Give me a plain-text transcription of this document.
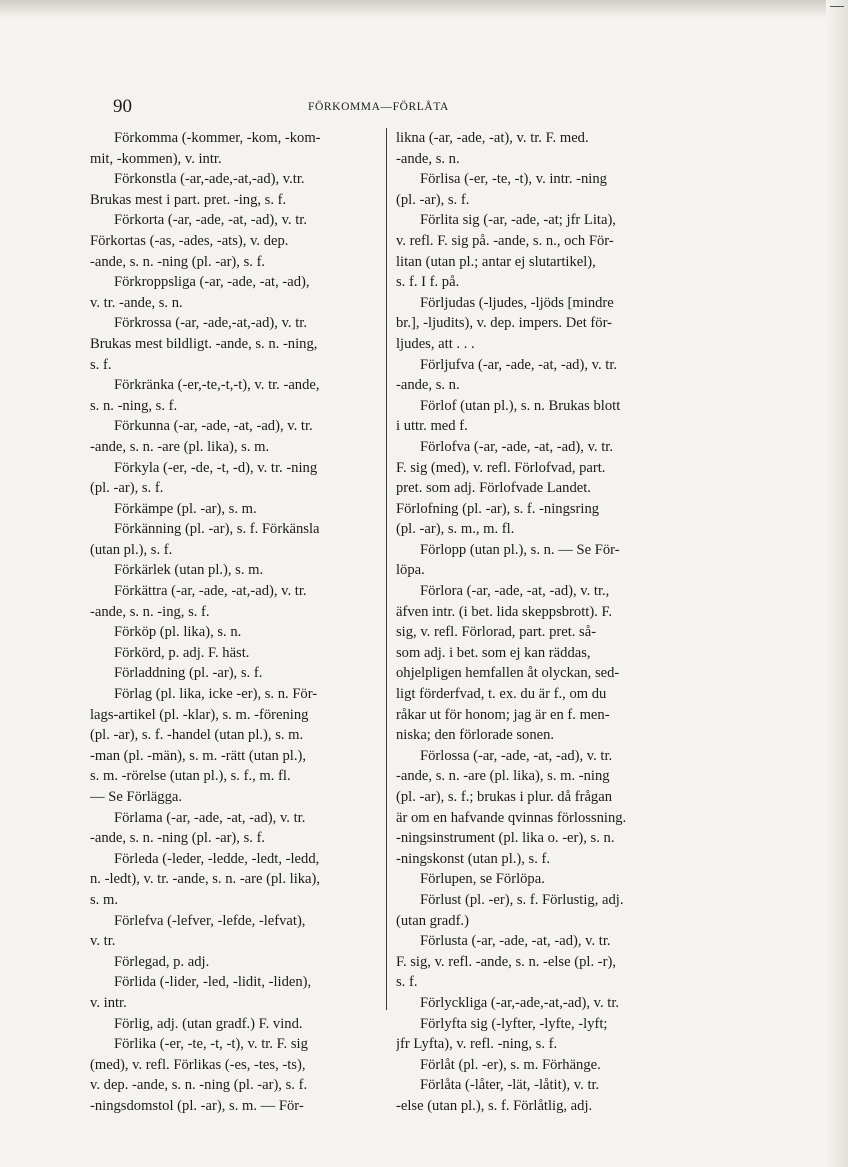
90	FÖRKOMMA—FÖRLÅTA
Förkomma (-kommer, -kom, -kom-
mit, -kommen), v. intr.
Förkonstla (-ar,-ade,-at,-ad), v.tr.
Brukas mest i part. pret. -ing, s. f.
Förkorta (-ar, -ade, -at, -ad), v. tr.
Förkortas (-as, -ades, -ats), v. dep.
-ande, s. n. -ning (pl. -ar), s. f.
Förkroppsliga (-ar, -ade, -at, -ad),
v. tr. -ande, s. n.
Förkrossa (-ar, -ade,-at,-ad), v. tr.
Brukas mest bildligt. -ande, s. n. -ning,
s. f.
Förkränka (-er,-te,-t,-t), v. tr. -ande,
s. n. -ning, s. f.
Förkunna (-ar, -ade, -at, -ad), v. tr.
-ande, s. n. -are (pl. lika), s. m.
Förkyla (-er, -de, -t, -d), v. tr. -ning
(pl. -ar), s. f.
Förkämpe (pl. -ar), s. m.
Förkänning (pl. -ar), s. f. Förkänsla
(utan pl.), s. f.
Förkärlek (utan pl.), s. m.
Förkättra (-ar, -ade, -at,-ad), v. tr.
-ande, s. n. -ing, s. f.
Förköp (pl. lika), s. n.
Förkörd, p. adj. F. häst.
Förladdning (pl. -ar), s. f.
Förlag (pl. lika, icke -er), s. n. För-
lags-artikel (pl. -klar), s. m. -förening
(pl. -ar), s. f. -handel (utan pl.), s. m.
-man (pl. -män), s. m. -rätt (utan pl.),
s. m. -rörelse (utan pl.), s. f., m. fl.
— Se Förlägga.
Förlama (-ar, -ade, -at, -ad), v. tr.
-ande, s. n. -ning (pl. -ar), s. f.
Förleda (-leder, -ledde, -ledt, -ledd,
n. -ledt), v. tr. -ande, s. n. -are (pl. lika),
s. m.
Förlefva (-lefver, -lefde, -lefvat),
v. tr.
Förlegad, p. adj.
Förlida (-lider, -led, -lidit, -liden),
v. intr.
Förlig, adj. (utan gradf.) F. vind.
Förlika (-er, -te, -t, -t), v. tr. F. sig
(med), v. refl. Förlikas (-es, -tes, -ts),
v. dep. -ande, s. n. -ning (pl. -ar), s. f.
-ningsdomstol (pl. -ar), s. m. — För-
likna (-ar, -ade, -at), v. tr. F. med.
-ande, s. n.
Förlisa (-er, -te, -t), v. intr. -ning
(pl. -ar), s. f.
Förlita sig (-ar, -ade, -at; jfr Lita),
v. refl. F. sig på. -ande, s. n., och För-
litan (utan pl.; antar ej slutartikel),
s. f. I f. på.
Förljudas (-ljudes, -ljöds [mindre
br.], -ljudits), v. dep. impers. Det för-
ljudes, att . . .
Förljufva (-ar, -ade, -at, -ad), v. tr.
-ande, s. n.
Förlof (utan pl.), s. n. Brukas blott
i uttr. med f.
Förlofva (-ar, -ade, -at, -ad), v. tr.
F. sig (med), v. refl. Förlofvad, part.
pret. som adj. Förlofvade Landet.
Förlofning (pl. -ar), s. f. -ningsring
(pl. -ar), s. m., m. fl.
Förlopp (utan pl.), s. n. — Se För-
löpa.
Förlora (-ar, -ade, -at, -ad), v. tr.,
äfven intr. (i bet. lida skeppsbrott). F.
sig, v. refl. Förlorad, part. pret. så-
som adj. i bet. som ej kan räddas,
ohjelpligen hemfallen åt olyckan, sed-
ligt förderfvad, t. ex. du är f., om du
råkar ut för honom; jag är en f. men-
niska; den förlorade sonen.
Förlossa (-ar, -ade, -at, -ad), v. tr.
-ande, s. n. -are (pl. lika), s. m. -ning
(pl. -ar), s. f.; brukas i plur. då frågan
är om en hafvande qvinnas förlossning.
-ningsinstrument (pl. lika o. -er), s. n.
-ningskonst (utan pl.), s. f.
Förlupen, se Förlöpa.
Förlust (pl. -er), s. f. Förlustig, adj.
(utan gradf.)
Förlusta (-ar, -ade, -at, -ad), v. tr.
F. sig, v. refl. -ande, s. n. -else (pl. -r),
s. f.
Förlyckliga (-ar,-ade,-at,-ad), v. tr.
Förlyfta sig (-lyfter, -lyfte, -lyft;
jfr Lyfta), v. refl. -ning, s. f.
Förlåt (pl. -er), s. m. Förhänge.
Förlåta (-låter, -lät, -låtit), v. tr.
-else (utan pl.), s. f. Förlåtlig, adj.
